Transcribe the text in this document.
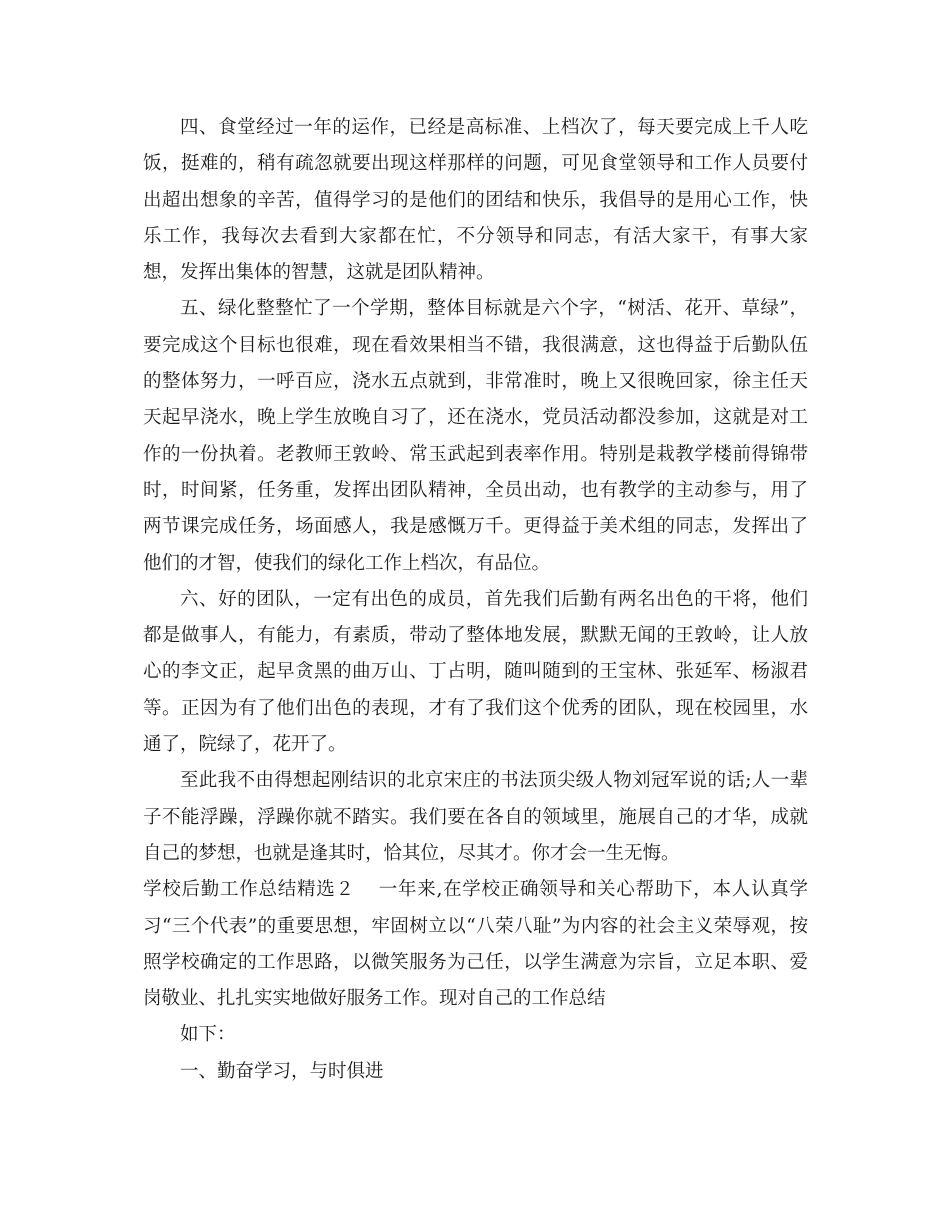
四、食堂经过一年的运作，已经是高标准、上档次了，每天要完成上千人吃饭，挺难的，稍有疏忽就要出现这样那样的问题，可见食堂领导和工作人员要付出超出想象的辛苦，值得学习的是他们的团结和快乐，我倡导的是用心工作，快乐工作，我每次去看到大家都在忙，不分领导和同志，有活大家干，有事大家想，发挥出集体的智慧，这就是团队精神。

五、绿化整整忙了一个学期，整体目标就是六个字，“树活、花开、草绿”，要完成这个目标也很难，现在看效果相当不错，我很满意，这也得益于后勤队伍的整体努力，一呼百应，浇水五点就到，非常准时，晚上又很晚回家，徐主任天天起早浇水，晚上学生放晚自习了，还在浇水，党员活动都没参加，这就是对工作的一份执着。老教师王敦岭、常玉武起到表率作用。特别是栽教学楼前得锦带时，时间紧，任务重，发挥出团队精神，全员出动，也有教学的主动参与，用了两节课完成任务，场面感人，我是感慨万千。更得益于美术组的同志，发挥出了他们的才智，使我们的绿化工作上档次，有品位。

六、好的团队，一定有出色的成员，首先我们后勤有两名出色的干将，他们都是做事人，有能力，有素质，带动了整体地发展，默默无闻的王敦岭，让人放心的李文正，起早贪黑的曲万山、丁占明，随叫随到的王宝林、张延军、杨淑君等。正因为有了他们出色的表现，才有了我们这个优秀的团队，现在校园里，水通了，院绿了，花开了。

至此我不由得想起刚结识的北京宋庄的书法顶尖级人物刘冠军说的话;人一辈子不能浮躁，浮躁你就不踏实。我们要在各自的领域里，施展自己的才华，成就自己的梦想，也就是逢其时，恰其位，尽其才。你才会一生无悔。

学校后勤工作总结精选２ 一年来,在学校正确领导和关心帮助下，本人认真学习“三个代表”的重要思想，牢固树立以“八荣八耻”为内容的社会主义荣辱观，按照学校确定的工作思路，以微笑服务为己任，以学生满意为宗旨，立足本职、爱岗敬业、扎扎实实地做好服务工作。现对自己的工作总结

如下：

一、勤奋学习，与时俱进
